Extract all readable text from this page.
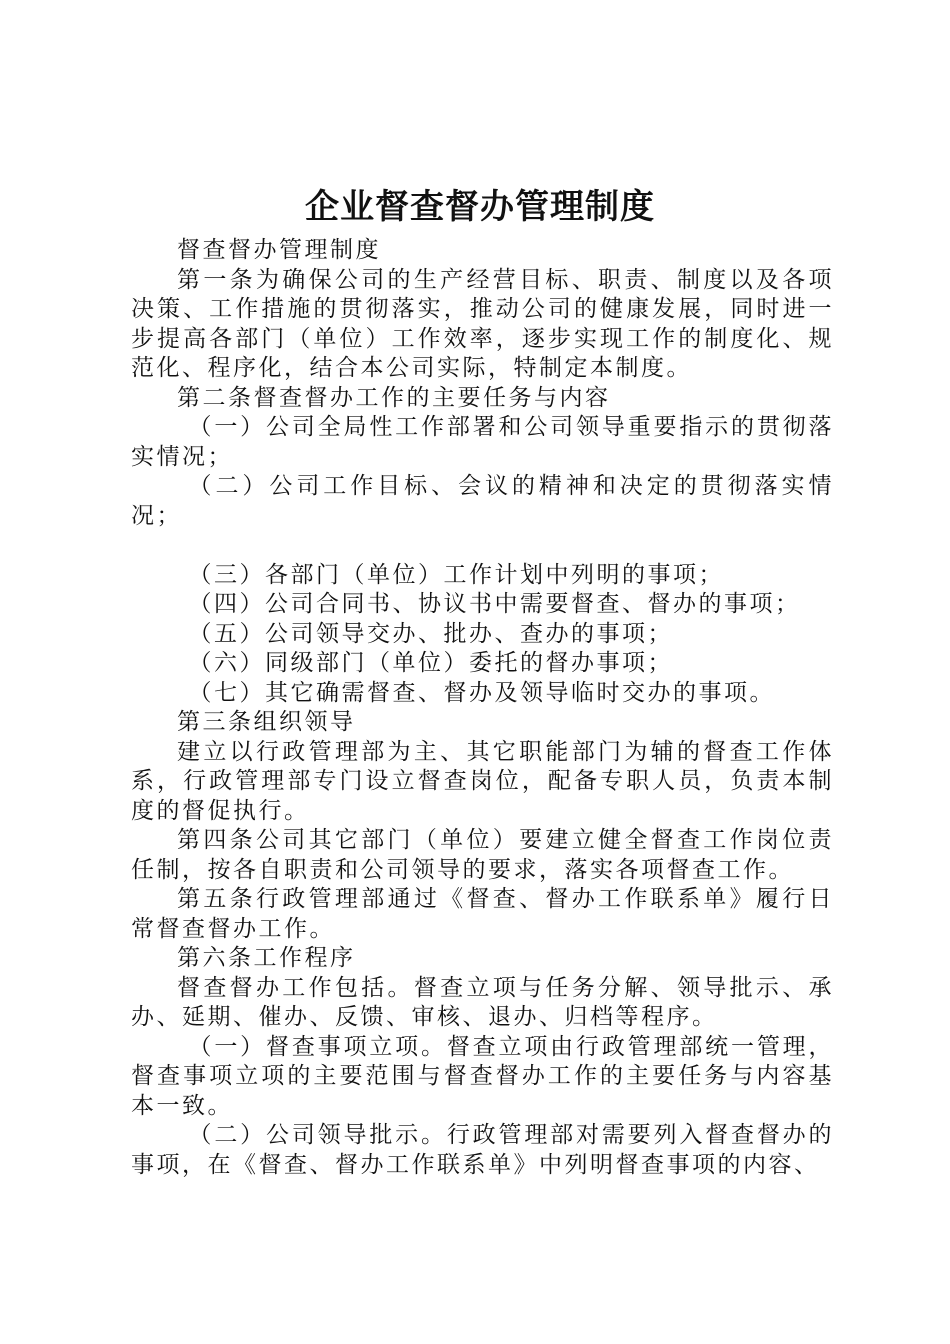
企业督查督办管理制度

督查督办管理制度

第一条为确保公司的生产经营目标、职责、制度以及各项决策、工作措施的贯彻落实，推动公司的健康发展，同时进一步提高各部门（单位）工作效率，逐步实现工作的制度化、规范化、程序化，结合本公司实际，特制定本制度。

第二条督查督办工作的主要任务与内容

（一）公司全局性工作部署和公司领导重要指示的贯彻落实情况；

（二）公司工作目标、会议的精神和决定的贯彻落实情况；

（三）各部门（单位）工作计划中列明的事项；

（四）公司合同书、协议书中需要督查、督办的事项；

（五）公司领导交办、批办、查办的事项；

（六）同级部门（单位）委托的督办事项；

（七）其它确需督查、督办及领导临时交办的事项。

第三条组织领导

建立以行政管理部为主、其它职能部门为辅的督查工作体系，行政管理部专门设立督查岗位，配备专职人员，负责本制度的督促执行。

第四条公司其它部门（单位）要建立健全督查工作岗位责任制，按各自职责和公司领导的要求，落实各项督查工作。

第五条行政管理部通过《督查、督办工作联系单》履行日常督查督办工作。

第六条工作程序

督查督办工作包括。督查立项与任务分解、领导批示、承办、延期、催办、反馈、审核、退办、归档等程序。

（一）督查事项立项。督查立项由行政管理部统一管理，督查事项立项的主要范围与督查督办工作的主要任务与内容基本一致。

（二）公司领导批示。行政管理部对需要列入督查督办的事项，在《督查、督办工作联系单》中列明督查事项的内容、
